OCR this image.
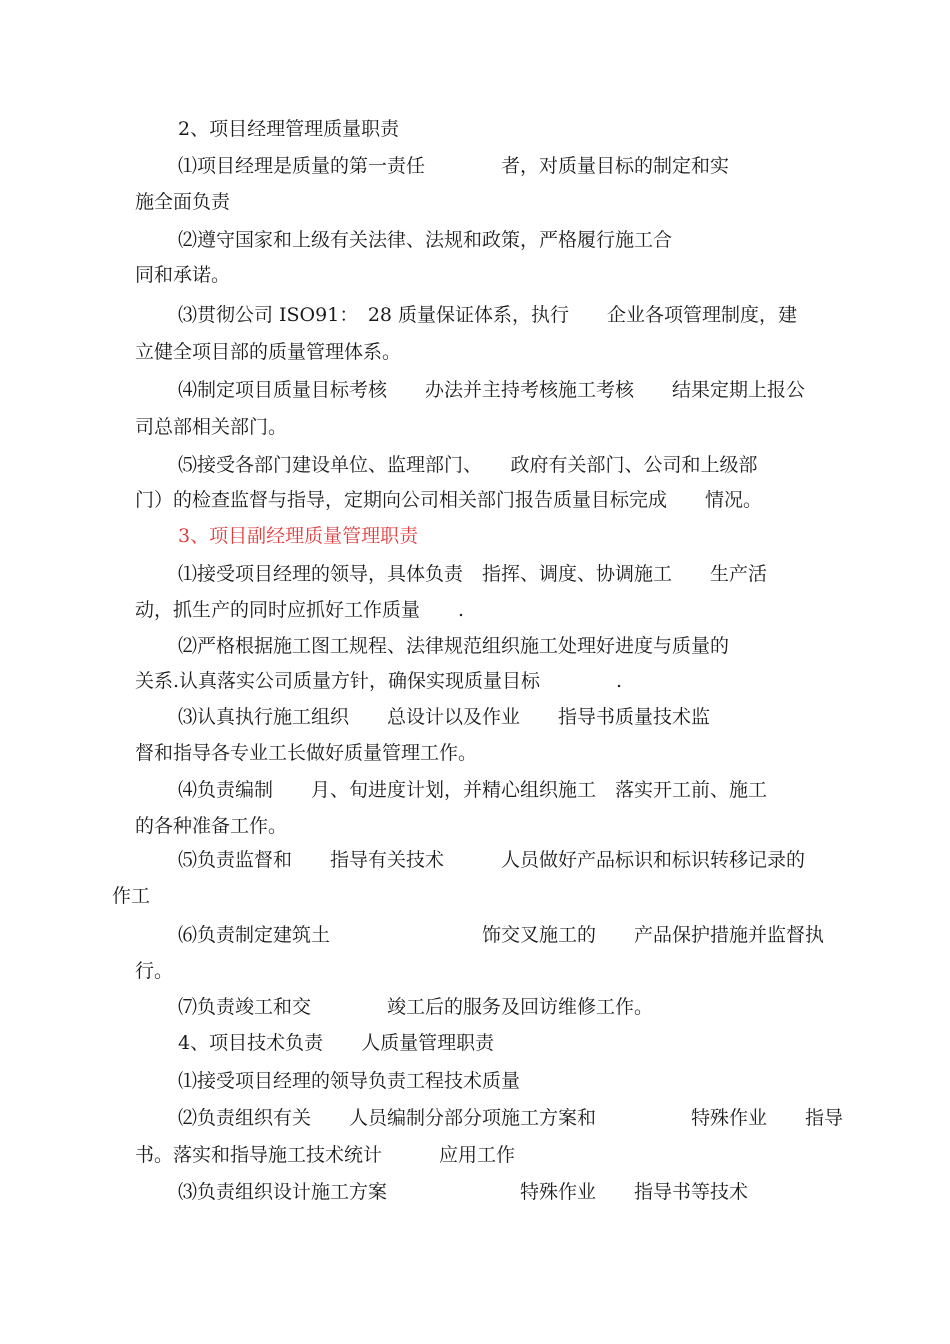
2、项目经理管理质量职责
⑴项目经理是质量的第一责任　　　　者，对质量目标的制定和实
施全面负责
⑵遵守国家和上级有关法律、法规和政策，严格履行施工合
同和承诺。
⑶贯彻公司 ISO91：　28 质量保证体系，执行　　企业各项管理制度，建
立健全项目部的质量管理体系。
⑷制定项目质量目标考核　　办法并主持考核施工考核　　结果定期上报公
司总部相关部门。
⑸接受各部门建设单位、监理部门、　　政府有关部门、公司和上级部
门）的检查监督与指导，定期向公司相关部门报告质量目标完成　　情况。
3、项目副经理质量管理职责
⑴接受项目经理的领导，具体负责　指挥、调度、协调施工　　生产活
动，抓生产的同时应抓好工作质量　　.
⑵严格根据施工图工规程、法律规范组织施工处理好进度与质量的
关系.认真落实公司质量方针，确保实现质量目标　　　　.
⑶认真执行施工组织　　总设计以及作业　　指导书质量技术监
督和指导各专业工长做好质量管理工作。
⑷负责编制　　月、旬进度计划，并精心组织施工　落实开工前、施工
的各种准备工作。
⑸负责监督和　　指导有关技术　　　人员做好产品标识和标识转移记录的
作工
⑹负责制定建筑土　　　　　　　　饰交叉施工的　　产品保护措施并监督执
行。
⑺负责竣工和交　　　　竣工后的服务及回访维修工作。
4、项目技术负责　　人质量管理职责
⑴接受项目经理的领导负责工程技术质量
⑵负责组织有关　　人员编制分部分项施工方案和　　　　　特殊作业　　指导
书。落实和指导施工技术统计　　　应用工作
⑶负责组织设计施工方案　　　　　　　特殊作业　　指导书等技术
